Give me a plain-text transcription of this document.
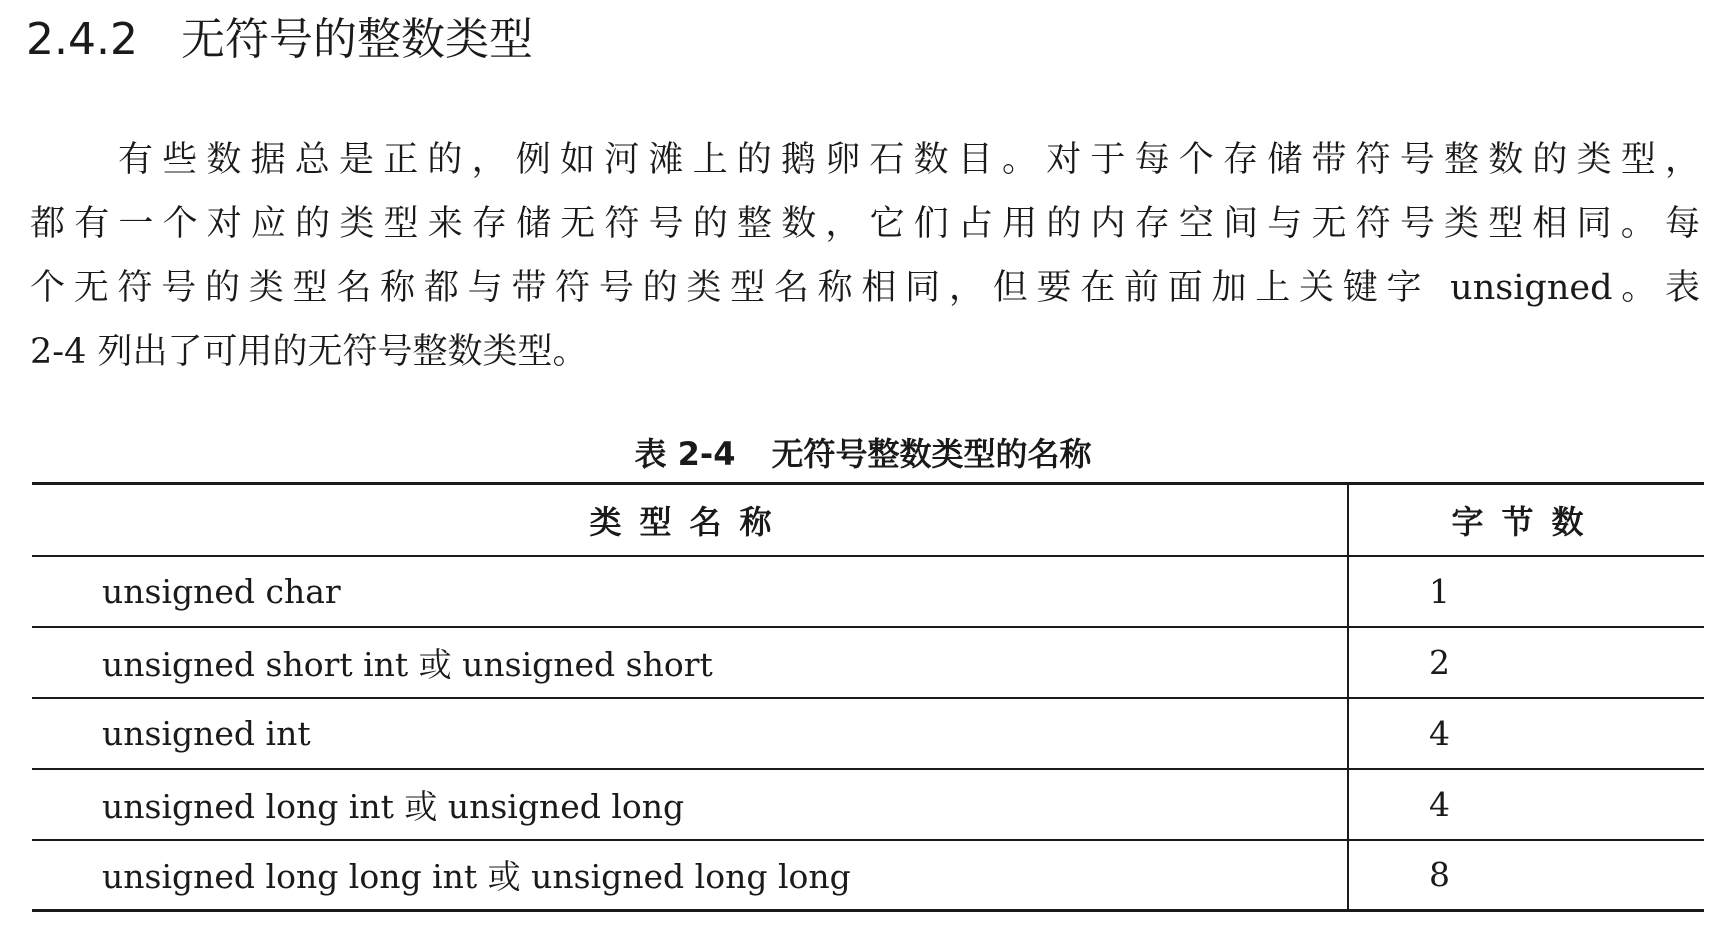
2.4.2 无符号的整数类型
有些数据总是正的，例如河滩上的鹅卵石数目。对于每个存储带符号整数的类型，
都有一个对应的类型来存储无符号的整数，它们占用的内存空间与无符号类型相同。每
个无符号的类型名称都与带符号的类型名称相同，但要在前面加上关键字 unsigned。表
2-4 列出了可用的无符号整数类型。
表 2-4 无符号整数类型的名称
类型名称	字节数
unsigned char	1
unsigned short int 或 unsigned short	2
unsigned int	4
unsigned long int 或 unsigned long	4
unsigned long long int 或 unsigned long long	8
